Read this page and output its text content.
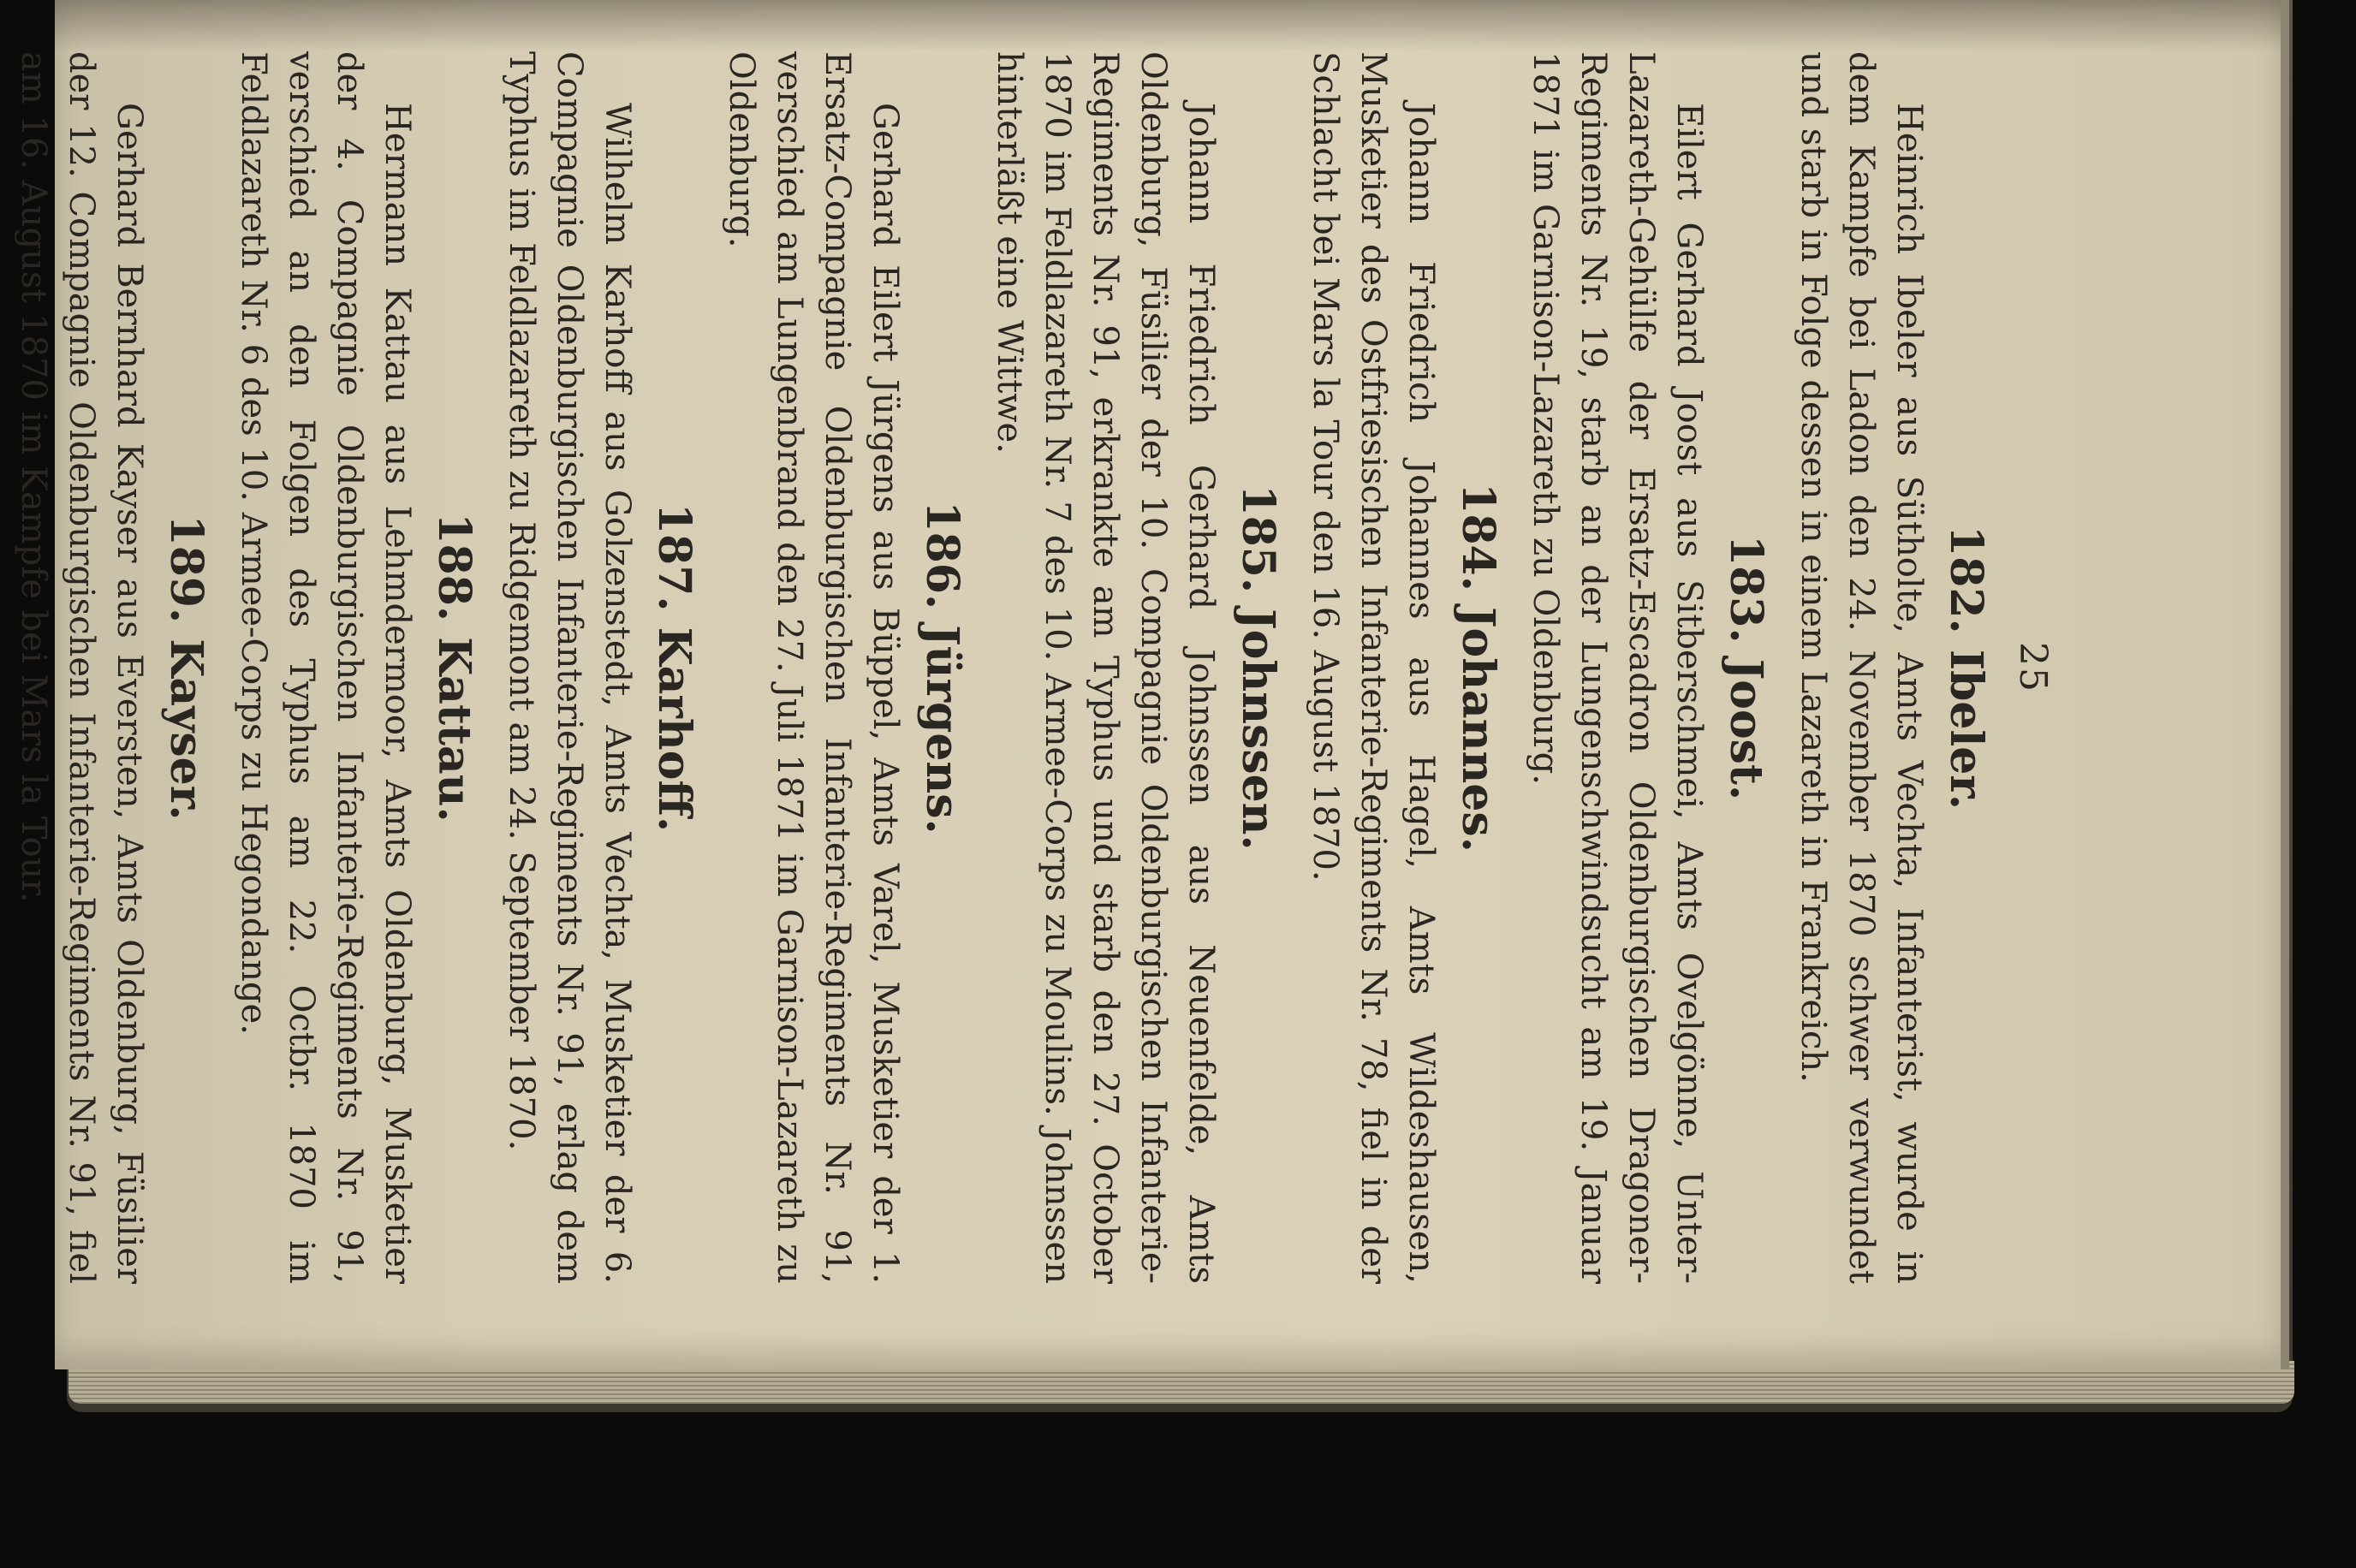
25
182. Ibeler.

Heinrich Ibeler aus Sütholte, Amts Vechta, Infanterist, wurde in dem Kampfe bei Ladon den 24. November 1870 schwer verwundet und starb in Folge dessen in einem Lazareth in Frankreich.

183. Joost.

Eilert Gerhard Joost aus Sitberschmei, Amts Ovelgönne, Unter-Lazareth-Gehülfe der Ersatz-Escadron Oldenburgischen Dragoner-Regiments Nr. 19, starb an der Lungenschwindsucht am 19. Januar 1871 im Garnison-Lazareth zu Oldenburg.

184. Johannes.

Johann Friedrich Johannes aus Hagel, Amts Wildeshausen, Musketier des Ostfriesischen Infanterie-Regiments Nr. 78, fiel in der Schlacht bei Mars la Tour den 16. August 1870.

185. Johnssen.

Johann Friedrich Gerhard Johnssen aus Neuenfelde, Amts Oldenburg, Füsilier der 10. Compagnie Oldenburgischen Infanterie-Regiments Nr. 91, erkrankte am Typhus und starb den 27. October 1870 im Feldlazareth Nr. 7 des 10. Armee-Corps zu Moulins. Johnssen hinterläßt eine Wittwe.

186. Jürgens.

Gerhard Eilert Jürgens aus Büppel, Amts Varel, Musketier der 1. Ersatz-Compagnie Oldenburgischen Infanterie-Regiments Nr. 91, verschied am Lungenbrand den 27. Juli 1871 im Garnison-Lazareth zu Oldenburg.

187. Karhoff.

Wilhelm Karhoff aus Golzenstedt, Amts Vechta, Musketier der 6. Compagnie Oldenburgischen Infanterie-Regiments Nr. 91, erlag dem Typhus im Feldlazareth zu Ridgemont am 24. September 1870.

188. Kattau.

Hermann Kattau aus Lehmdermoor, Amts Oldenburg, Musketier der 4. Compagnie Oldenburgischen Infanterie-Regiments Nr. 91, verschied an den Folgen des Typhus am 22. Octbr. 1870 im Feldlazareth Nr. 6 des 10. Armee-Corps zu Hegondange.

189. Kayser.

Gerhard Bernhard Kayser aus Eversten, Amts Oldenburg, Füsilier der 12. Compagnie Oldenburgischen Infanterie-Regiments Nr. 91, fiel am 16. August 1870 im Kampfe bei Mars la Tour.
